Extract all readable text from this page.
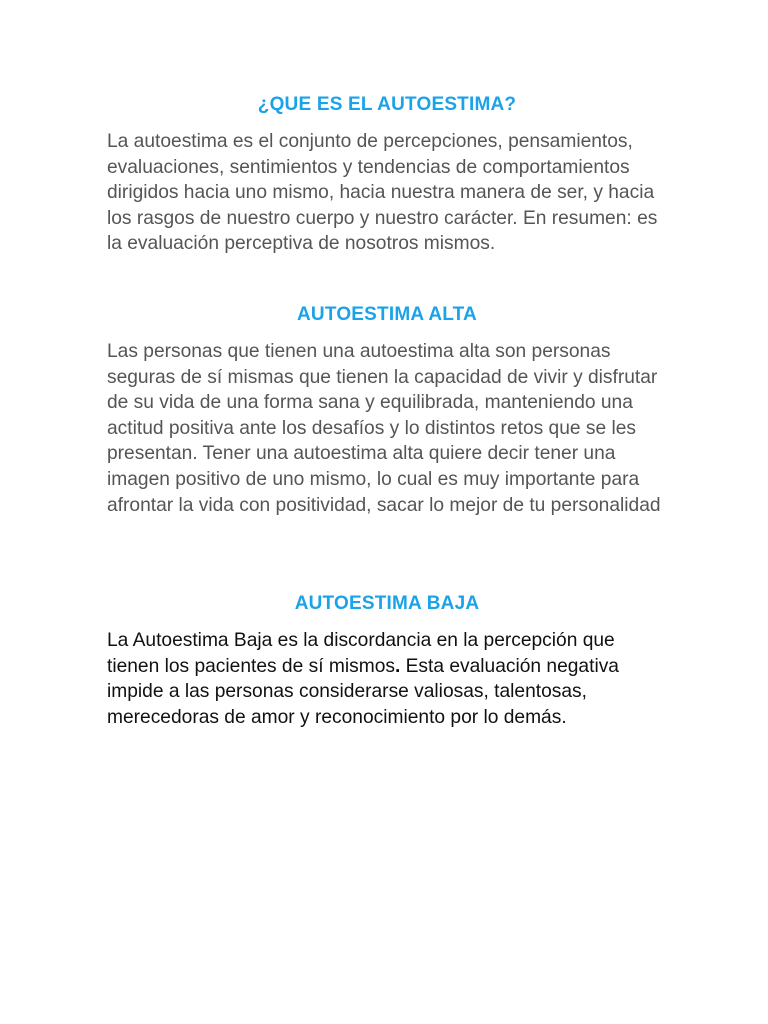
¿QUE ES EL AUTOESTIMA?

La autoestima es el conjunto de percepciones, pensamientos, evaluaciones, sentimientos y tendencias de comportamientos dirigidos hacia uno mismo, hacia nuestra manera de ser, y hacia los rasgos de nuestro cuerpo y nuestro carácter. En resumen: es la evaluación perceptiva de nosotros mismos.

AUTOESTIMA ALTA

Las personas que tienen una autoestima alta son personas seguras de sí mismas que tienen la capacidad de vivir y disfrutar de su vida de una forma sana y equilibrada, manteniendo una actitud positiva ante los desafíos y lo distintos retos que se les presentan. Tener una autoestima alta quiere decir tener una imagen positivo de uno mismo, lo cual es muy importante para afrontar la vida con positividad, sacar lo mejor de tu personalidad

AUTOESTIMA BAJA

La Autoestima Baja es la discordancia en la percepción que tienen los pacientes de sí mismos. Esta evaluación negativa impide a las personas considerarse valiosas, talentosas, merecedoras de amor y reconocimiento por lo demás.
